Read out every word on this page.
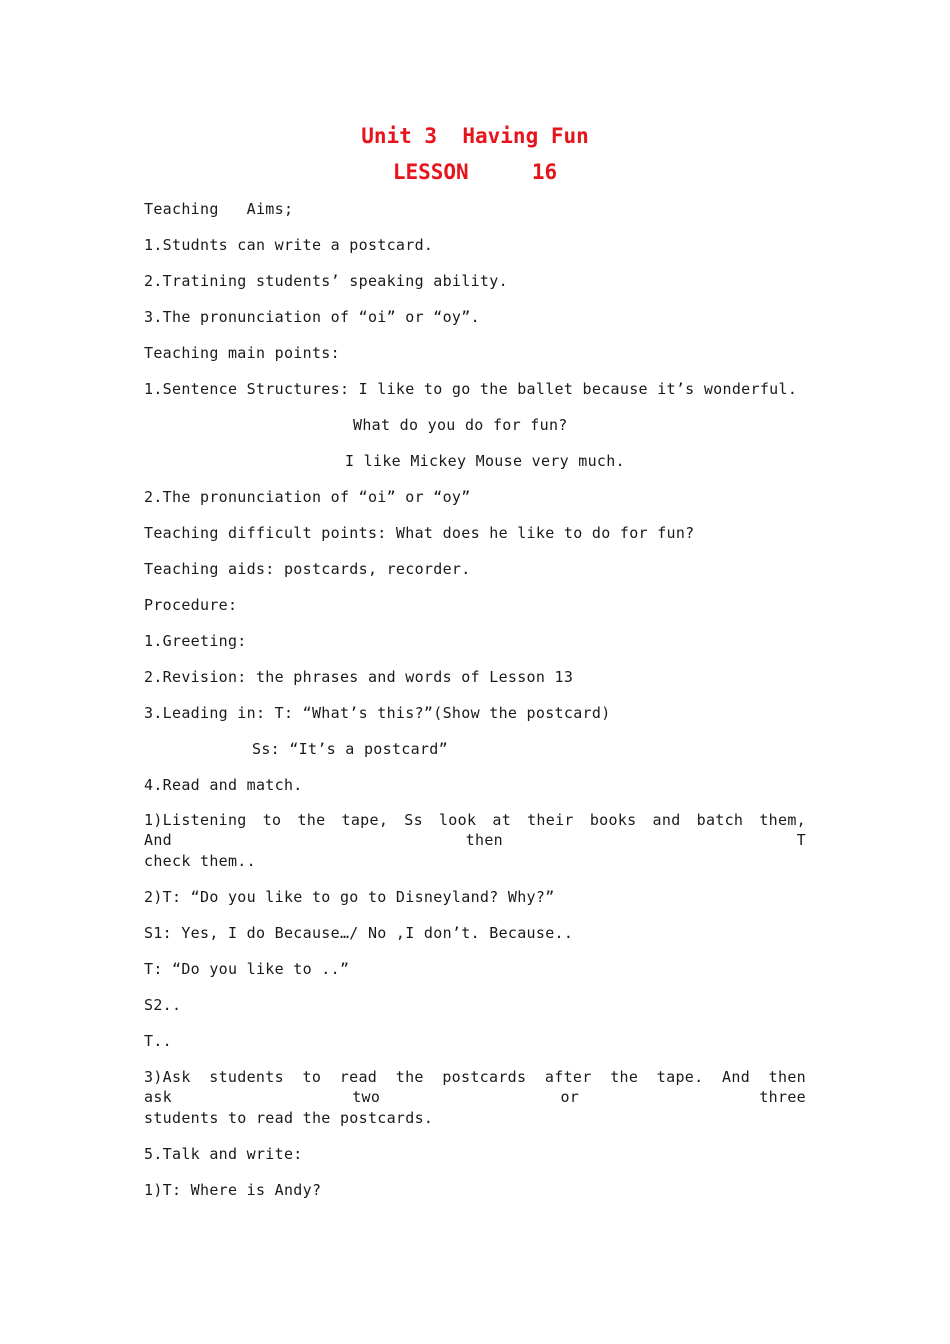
Unit 3  Having Fun
LESSON     16
Teaching   Aims;
1.Studnts can write a postcard.
2.Tratining students’ speaking ability.
3.The pronunciation of “oi” or “oy”.
Teaching main points:
1.Sentence Structures: I like to go the ballet because it’s wonderful.
What do you do for fun?
I like Mickey Mouse very much.
2.The pronunciation of “oi” or “oy”
Teaching difficult points: What does he like to do for fun?
Teaching aids: postcards, recorder.
Procedure:
1.Greeting:
2.Revision: the phrases and words of Lesson 13
3.Leading in: T: “What’s this?”(Show the postcard)
Ss: “It’s a postcard”
4.Read and match.
1)Listening to the tape, Ss look at their books and batch them, And then T
check them..
2)T: “Do you like to go to Disneyland? Why?”
S1: Yes, I do Because…/ No ,I don’t. Because..
T: “Do you like to ..”
S2..
T..
3)Ask students to read the postcards after the tape. And then ask two or three
students to read the postcards.
5.Talk and write:
1)T: Where is Andy?
